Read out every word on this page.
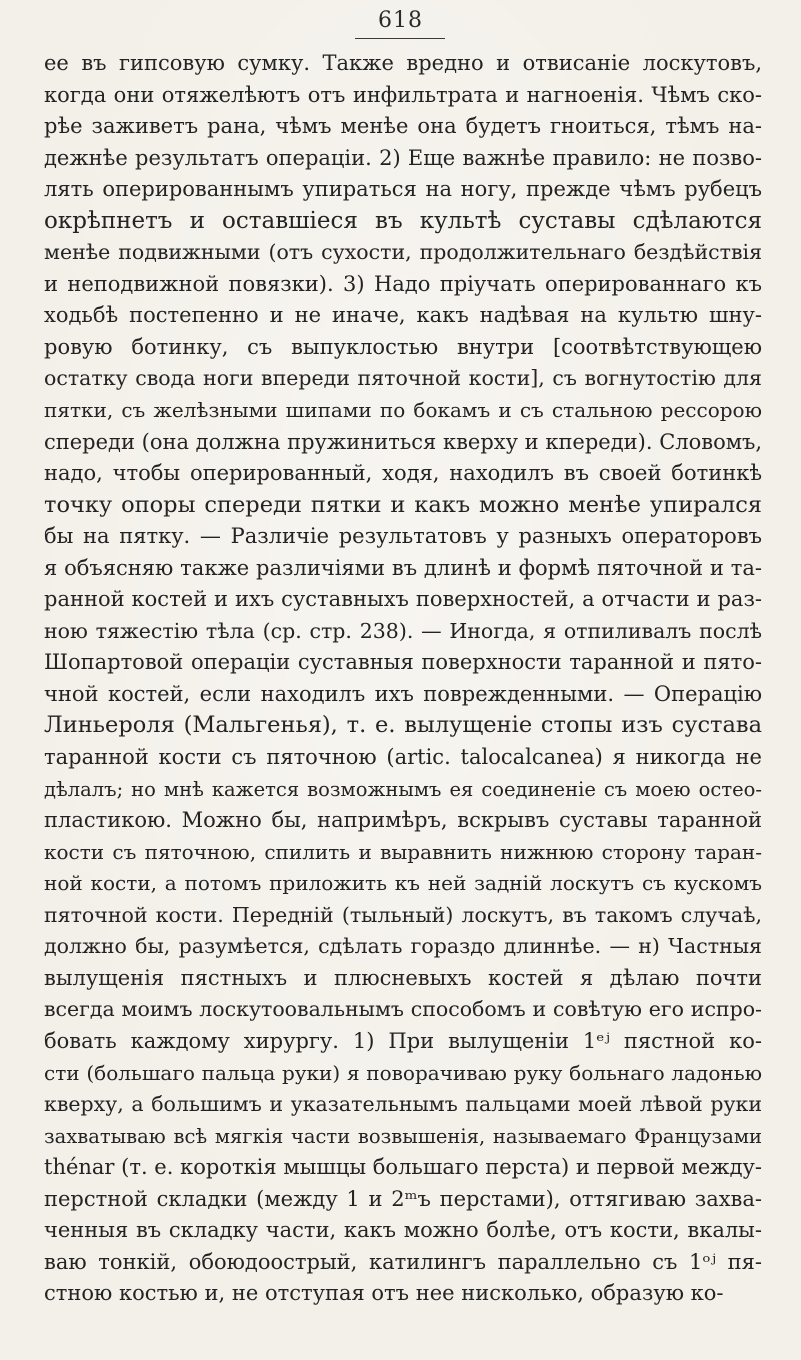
618
ее въ гипсовую сумку. Также вредно и отвисаніе лоскутовъ,
когда они отяжелѣютъ отъ инфильтрата и нагноенія. Чѣмъ ско-
рѣе заживетъ рана, чѣмъ менѣе она будетъ гноиться, тѣмъ на-
дежнѣе результатъ операціи. 2) Еще важнѣе правило: не позво-
лять оперированнымъ упираться на ногу, прежде чѣмъ рубецъ
окрѣпнетъ и оставшіеся въ культѣ суставы сдѣлаются
менѣе подвижными (отъ сухости, продолжительнаго бездѣйствія
и неподвижной повязки). 3) Надо пріучать оперированнаго къ
ходьбѣ постепенно и не иначе, какъ надѣвая на культю шну-
ровую ботинку, съ выпуклостью внутри [соотвѣтствующею
остатку свода ноги впереди пяточной кости], съ вогнутостію для
пятки, съ желѣзными шипами по бокамъ и съ стальною рессорою
спереди (она должна пружиниться кверху и кпереди). Словомъ,
надо, чтобы оперированный, ходя, находилъ въ своей ботинкѣ
точку опоры спереди пятки и какъ можно менѣе упирался
бы на пятку. — Различіе результатовъ у разныхъ операторовъ
я объясняю также различіями въ длинѣ и формѣ пяточной и та-
ранной костей и ихъ суставныхъ поверхностей, а отчасти и раз-
ною тяжестію тѣла (ср. стр. 238). — Иногда, я отпиливалъ послѣ
Шопартовой операціи суставныя поверхности таранной и пято-
чной костей, если находилъ ихъ поврежденными. — Операцію
Линьероля (Мальгенья), т. е. вылущеніе стопы изъ сустава
таранной кости съ пяточною (artic. talocalcanea) я никогда не
дѣлалъ; но мнѣ кажется возможнымъ ея соединеніе съ моею остео-
пластикою. Можно бы, напримѣръ, вскрывъ суставы таранной
кости съ пяточною, спилить и выравнить нижнюю сторону таран-
ной кости, а потомъ приложить къ ней задній лоскутъ съ кускомъ
пяточной кости. Передній (тыльный) лоскутъ, въ такомъ случаѣ,
должно бы, разумѣется, сдѣлать гораздо длиннѣе. — н) Частныя
вылущенія пястныхъ и плюсневыхъ костей я дѣлаю почти
всегда моимъ лоскутоовальнымъ способомъ и совѣтую его испро-
бовать каждому хирургу. 1) При вылущеніи 1ᵉʲ пястной ко-
сти (большаго пальца руки) я поворачиваю руку больнаго ладонью
кверху, а большимъ и указательнымъ пальцами моей лѣвой руки
захватываю всѣ мягкія части возвышенія, называемаго Французами
thénar (т. е. короткія мышцы большаго перста) и первой между-
перстной складки (между 1 и 2ᵐъ перстами), оттягиваю захва-
ченныя въ складку части, какъ можно болѣе, отъ кости, вкалы-
ваю тонкій, обоюдоострый, катилингъ параллельно съ 1ᵒʲ пя-
стною костью и, не отступая отъ нее нисколько, образую ко-
